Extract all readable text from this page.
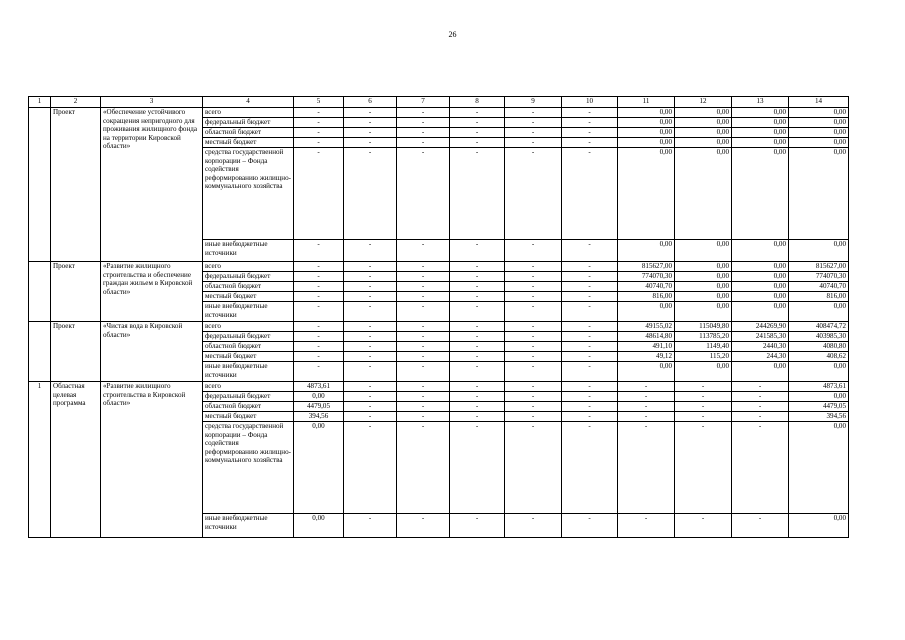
26
1	2	3	4	5	6	7	8	9	10	11	12	13	14
	Проект	«Обеспечение устойчивого сокращения непригодного для проживания жилищного фонда на территории Кировской области»	всего	-	-	-	-	-	-	0,00	0,00	0,00	0,00
			федеральный бюджет	-	-	-	-	-	-	0,00	0,00	0,00	0,00
			областной бюджет	-	-	-	-	-	-	0,00	0,00	0,00	0,00
			местный бюджет	-	-	-	-	-	-	0,00	0,00	0,00	0,00
			средства государственной корпорации – Фонда содействия реформированию жилищно-коммунального хозяйства	-	-	-	-	-	-	0,00	0,00	0,00	0,00
			иные внебюджетные источники	-	-	-	-	-	-	0,00	0,00	0,00	0,00
	Проект	«Развитие жилищного строительства и обеспечение граждан жильем в Кировской области»	всего	-	-	-	-	-	-	815627,00	0,00	0,00	815627,00
			федеральный бюджет	-	-	-	-	-	-	774070,30	0,00	0,00	774070,30
			областной бюджет	-	-	-	-	-	-	40740,70	0,00	0,00	40740,70
			местный бюджет	-	-	-	-	-	-	816,00	0,00	0,00	816,00
			иные внебюджетные источники	-	-	-	-	-	-	0,00	0,00	0,00	0,00
	Проект	«Чистая вода в Кировской области»	всего	-	-	-	-	-	-	49155,02	115049,80	244269,90	408474,72
			федеральный бюджет	-	-	-	-	-	-	48614,80	113785,20	241585,30	403985,30
			областной бюджет	-	-	-	-	-	-	491,10	1149,40	2440,30	4080,80
			местный бюджет	-	-	-	-	-	-	49,12	115,20	244,30	408,62
			иные внебюджетные источники	-	-	-	-	-	-	0,00	0,00	0,00	0,00
1	Областная целевая программа	«Развитие жилищного строительства в Кировской области»	всего	4873,61	-	-	-	-	-	-	-	-	4873,61
			федеральный бюджет	0,00	-	-	-	-	-	-	-	-	0,00
			областной бюджет	4479,05	-	-	-	-	-	-	-	-	4479,05
			местный бюджет	394,56	-	-	-	-	-	-	-	-	394,56
			средства государственной корпорации – Фонда содействия реформированию жилищно-коммунального хозяйства	0,00	-	-	-	-	-	-	-	-	0,00
			иные внебюджетные источники	0,00	-	-	-	-	-	-	-	-	0,00
